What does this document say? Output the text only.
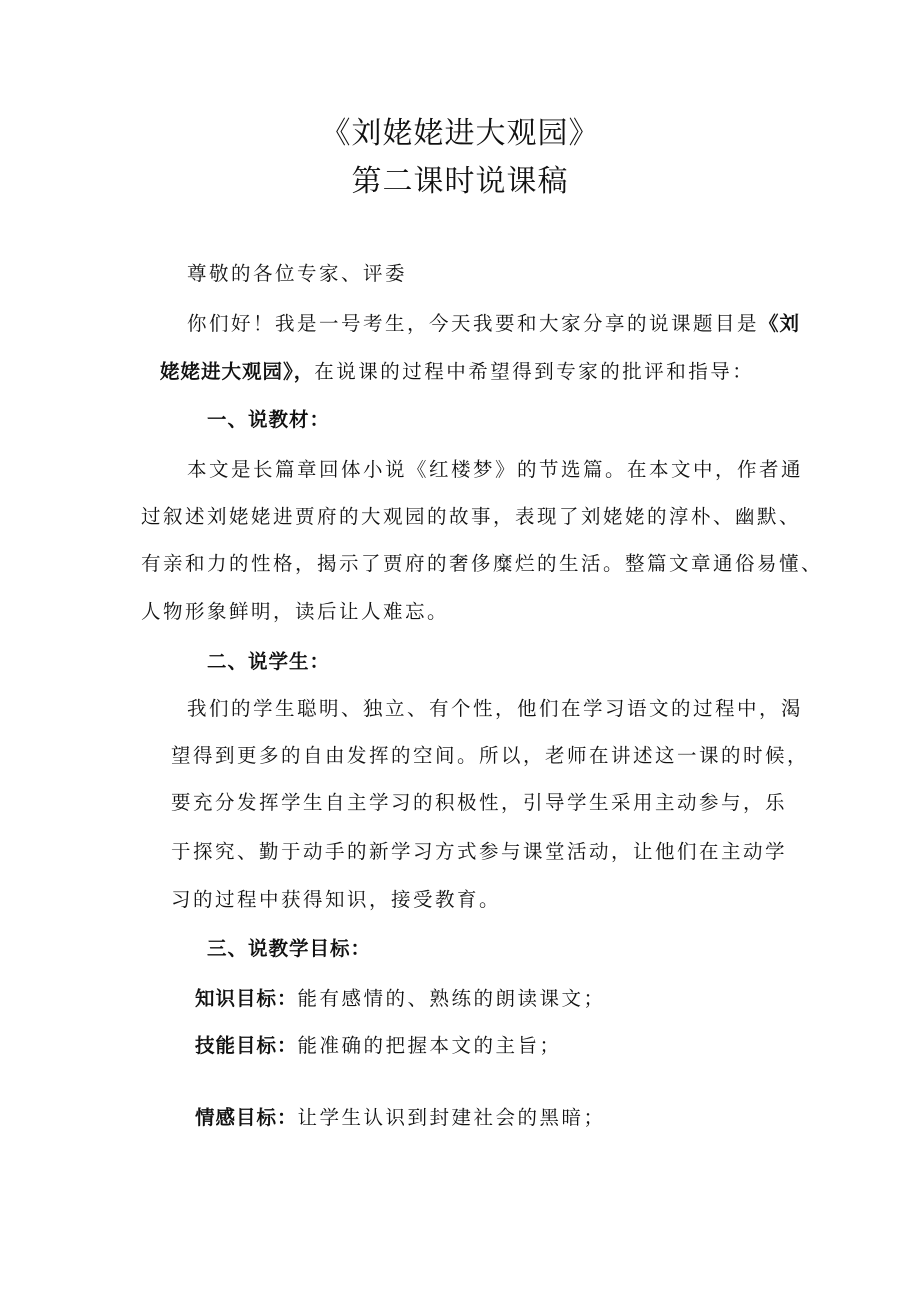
《刘姥姥进大观园》
第二课时说课稿

尊敬的各位专家、评委

你们好！我是一号考生，今天我要和大家分享的说课题目是《刘

姥姥进大观园》，在说课的过程中希望得到专家的批评和指导：

一、说教材：

本文是长篇章回体小说《红楼梦》的节选篇。在本文中，作者通

过叙述刘姥姥进贾府的大观园的故事，表现了刘姥姥的淳朴、幽默、

有亲和力的性格，揭示了贾府的奢侈糜烂的生活。整篇文章通俗易懂、

人物形象鲜明，读后让人难忘。

二、说学生：

我们的学生聪明、独立、有个性，他们在学习语文的过程中，渴

望得到更多的自由发挥的空间。所以，老师在讲述这一课的时候，

要充分发挥学生自主学习的积极性，引导学生采用主动参与，乐

于探究、勤于动手的新学习方式参与课堂活动，让他们在主动学

习的过程中获得知识，接受教育。

三、说教学目标：

知识目标：能有感情的、熟练的朗读课文；

技能目标：能准确的把握本文的主旨；

情感目标：让学生认识到封建社会的黑暗；
